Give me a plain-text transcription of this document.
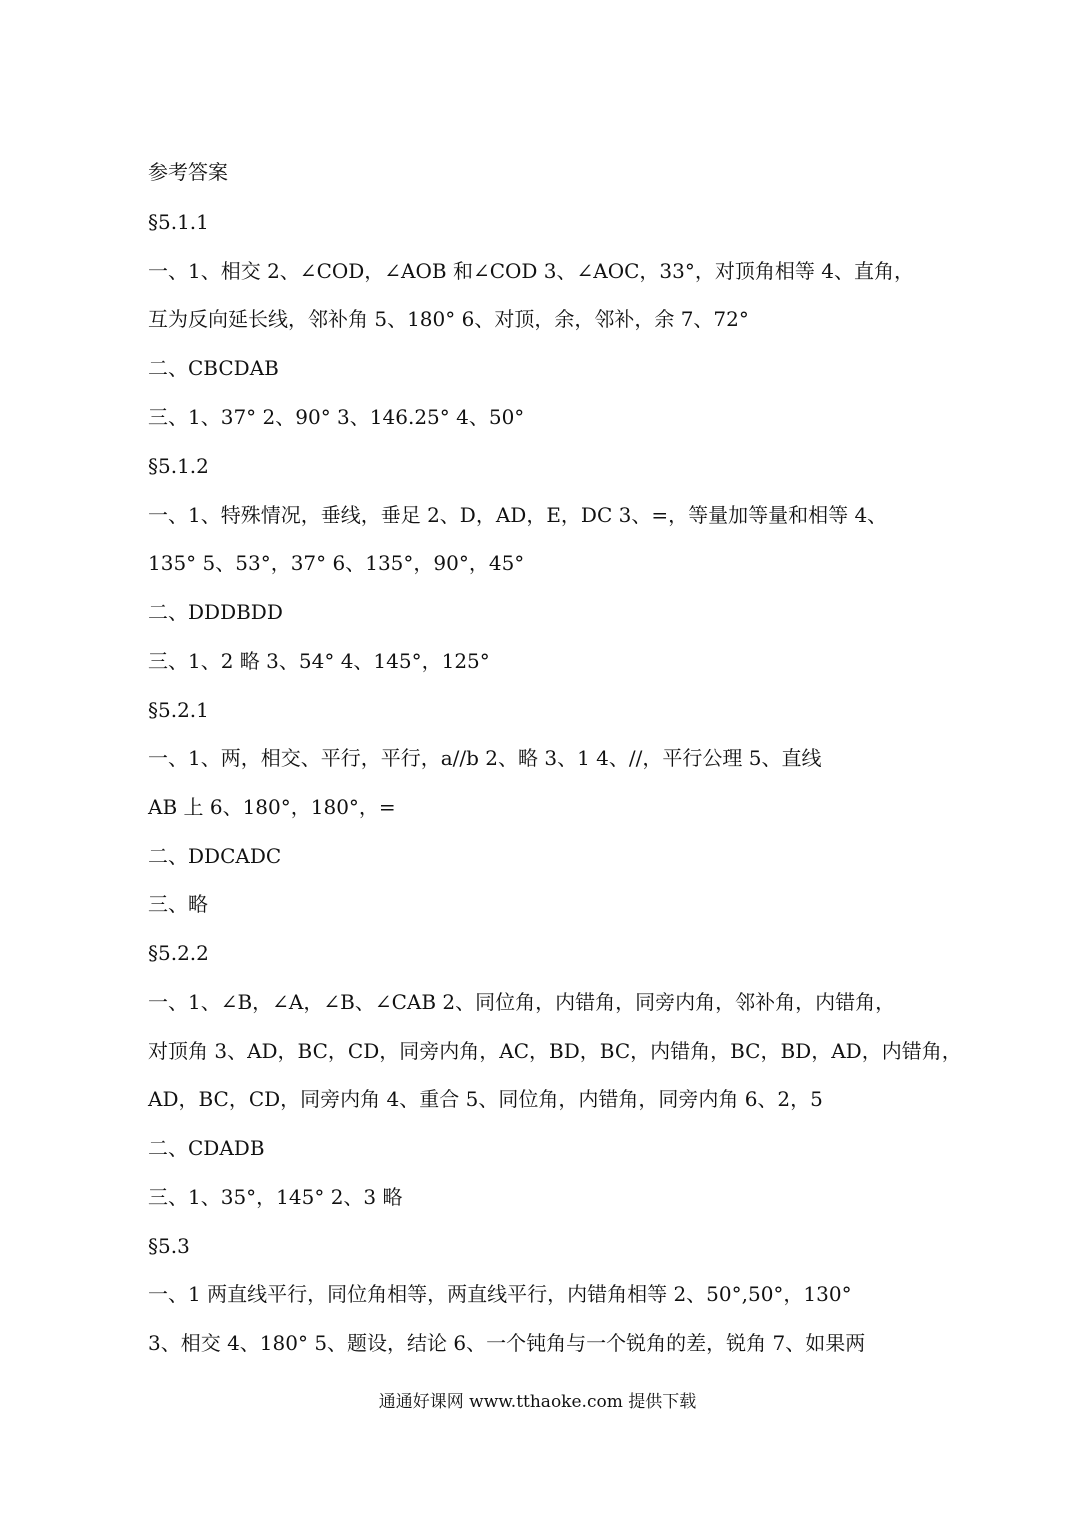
参考答案
§5.1.1
一、1、相交 2、∠COD，∠AOB 和∠COD 3、∠AOC，33°，对顶角相等 4、直角，
互为反向延长线，邻补角 5、180° 6、对顶，余，邻补，余 7、72°
二、CBCDAB
三、1、37° 2、90° 3、146.25° 4、50°
§5.1.2
一、1、特殊情况，垂线，垂足 2、D，AD，E，DC 3、=，等量加等量和相等 4、
135° 5、53°，37° 6、135°，90°，45°
二、DDDBDD
三、1、2 略 3、54° 4、145°，125°
§5.2.1
一、1、两，相交、平行，平行，a//b 2、略 3、1 4、//，平行公理 5、直线
AB 上 6、180°，180°，=
二、DDCADC
三、略
§5.2.2
一、1、∠B，∠A，∠B、∠CAB 2、同位角，内错角，同旁内角，邻补角，内错角，
对顶角 3、AD，BC，CD，同旁内角，AC，BD，BC，内错角，BC，BD，AD，内错角，
AD，BC，CD，同旁内角 4、重合 5、同位角，内错角，同旁内角 6、2，5
二、CDADB
三、1、35°，145° 2、3 略
§5.3
一、1 两直线平行，同位角相等，两直线平行，内错角相等 2、50°,50°，130°
3、相交 4、180° 5、题设，结论 6、一个钝角与一个锐角的差，锐角 7、如果两
通通好课网 www.tthaoke.com 提供下载
